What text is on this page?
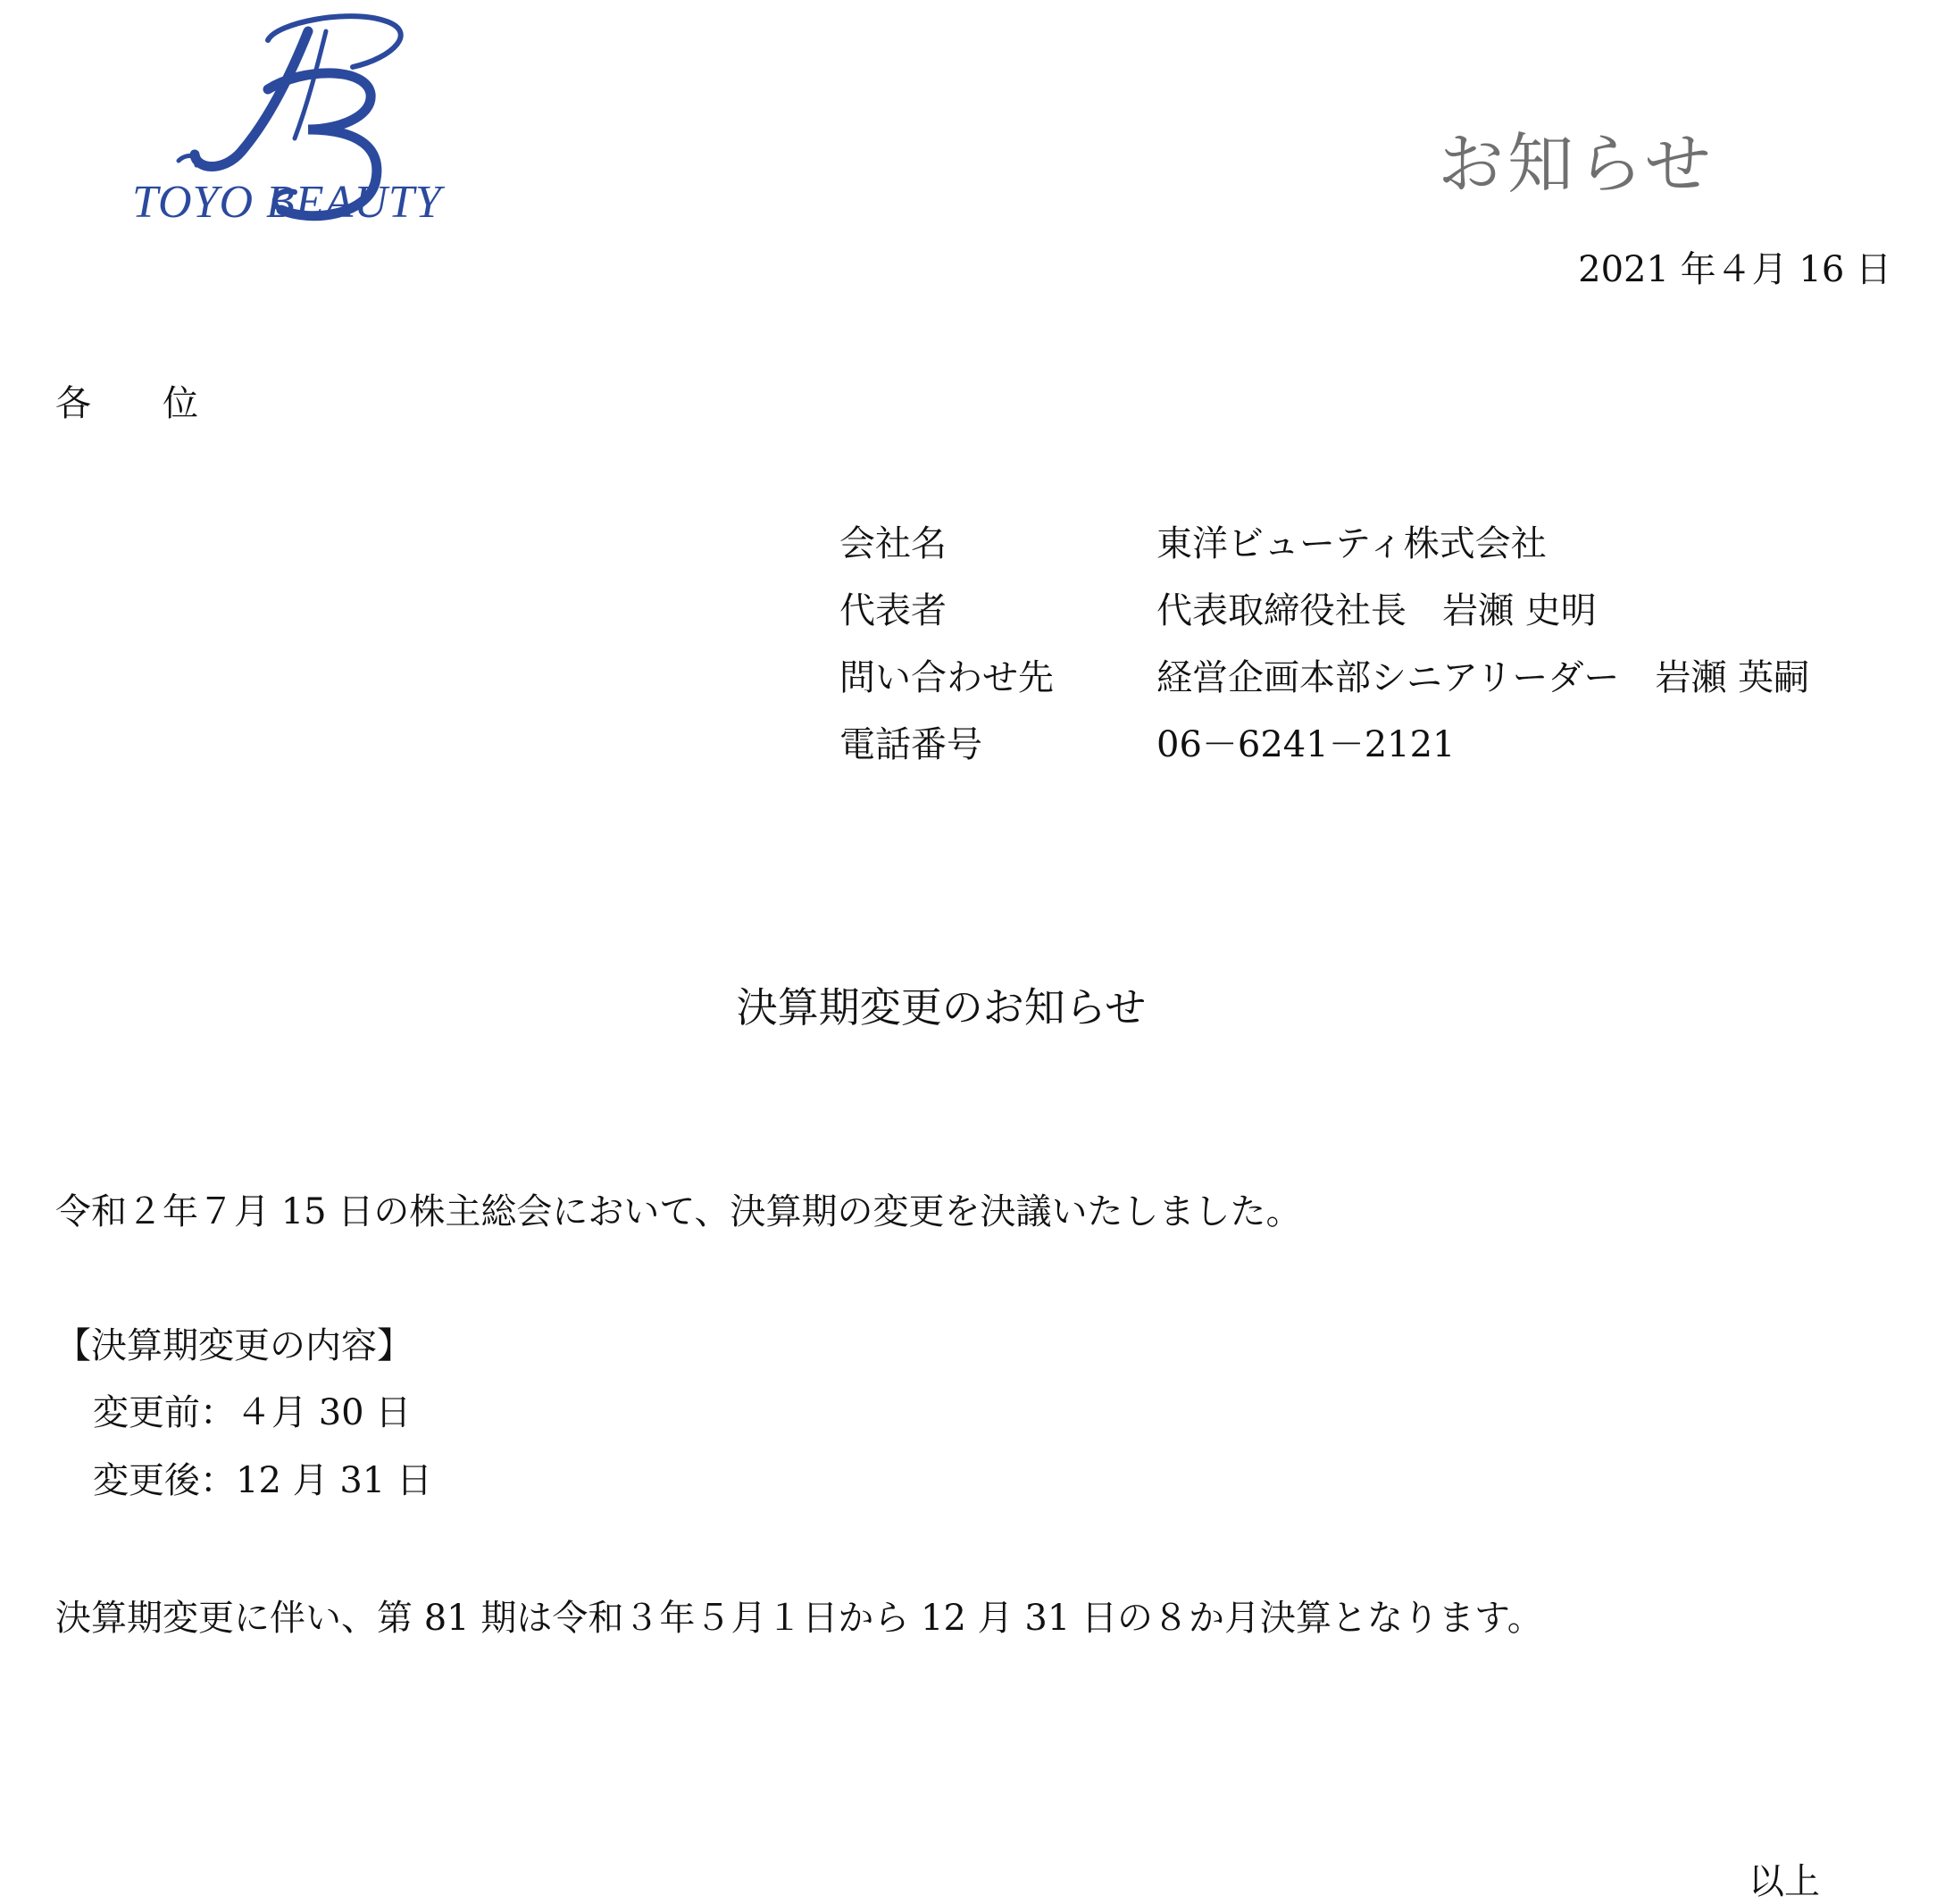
TOYO BEAUTY	お知らせ
2021 年４月 16 日
各　　位
会社名	東洋ビューティ株式会社
代表者	代表取締役社長　岩瀬 史明
問い合わせ先	経営企画本部シニアリーダー　岩瀬 英嗣
電話番号	06－6241－2121
決算期変更のお知らせ
令和２年７月 15 日の株主総会において、決算期の変更を決議いたしました。
【決算期変更の内容】
変更前：４月 30 日
変更後：12 月 31 日
決算期変更に伴い、第 81 期は令和３年５月１日から 12 月 31 日の８か月決算となります。
以上
